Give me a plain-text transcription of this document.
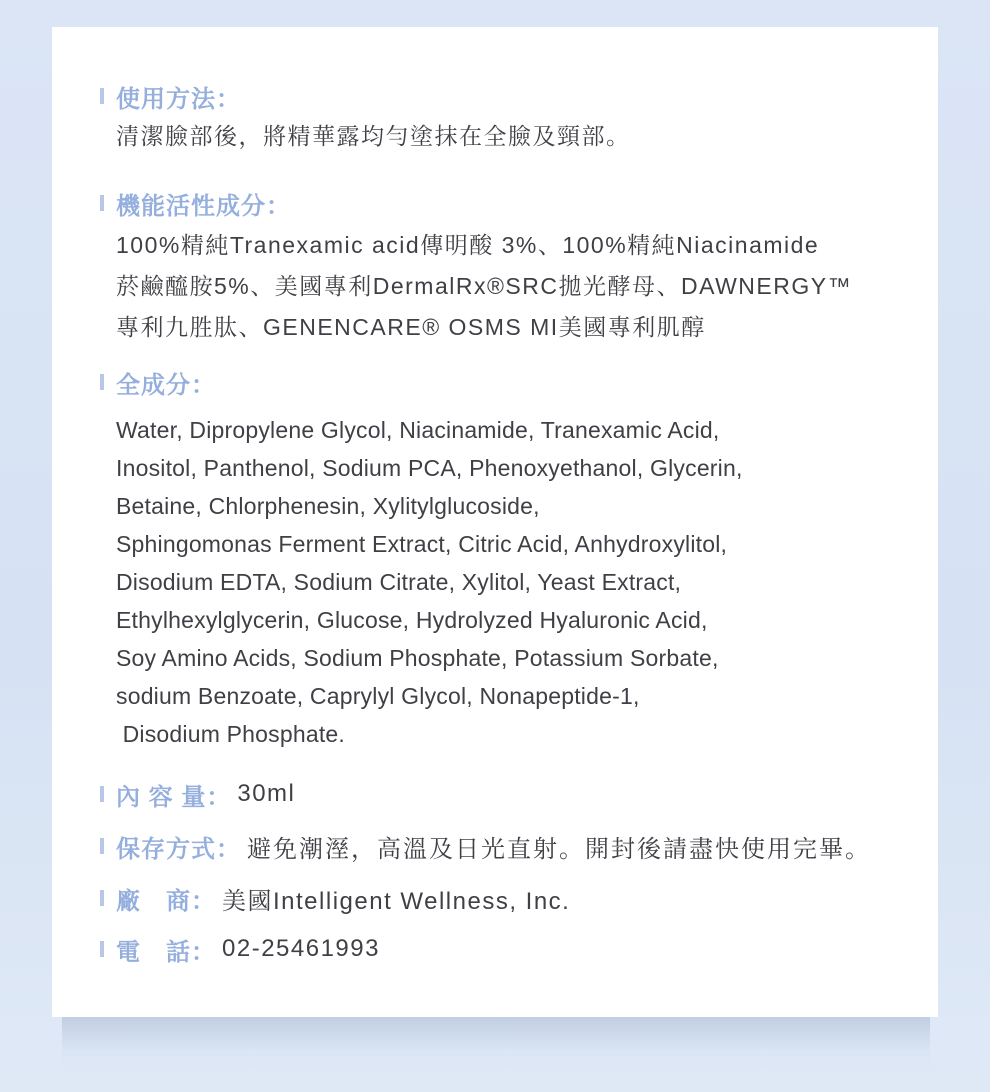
使用方法：
清潔臉部後，將精華露均勻塗抹在全臉及頸部。
機能活性成分：
100%精純Tranexamic acid傳明酸 3%、100%精純Niacinamide
菸鹼醯胺5%、美國專利DermalRx®SRC拋光酵母、DAWNERGY™
專利九胜肽、GENENCARE® OSMS MI美國專利肌醇
全成分：
Water, Dipropylene Glycol, Niacinamide, Tranexamic Acid,
Inositol, Panthenol, Sodium PCA, Phenoxyethanol, Glycerin,
Betaine, Chlorphenesin, Xylitylglucoside,
Sphingomonas Ferment Extract, Citric Acid, Anhydroxylitol,
Disodium EDTA, Sodium Citrate, Xylitol, Yeast Extract,
Ethylhexylglycerin, Glucose, Hydrolyzed Hyaluronic Acid,
Soy Amino Acids, Sodium Phosphate, Potassium Sorbate,
sodium Benzoate, Caprylyl Glycol, Nonapeptide-1,
Disodium Phosphate.
內 容 量： 30ml
保存方式： 避免潮溼，高溫及日光直射。開封後請盡快使用完畢。
廠　商： 美國Intelligent Wellness, Inc.
電　話： 02-25461993
